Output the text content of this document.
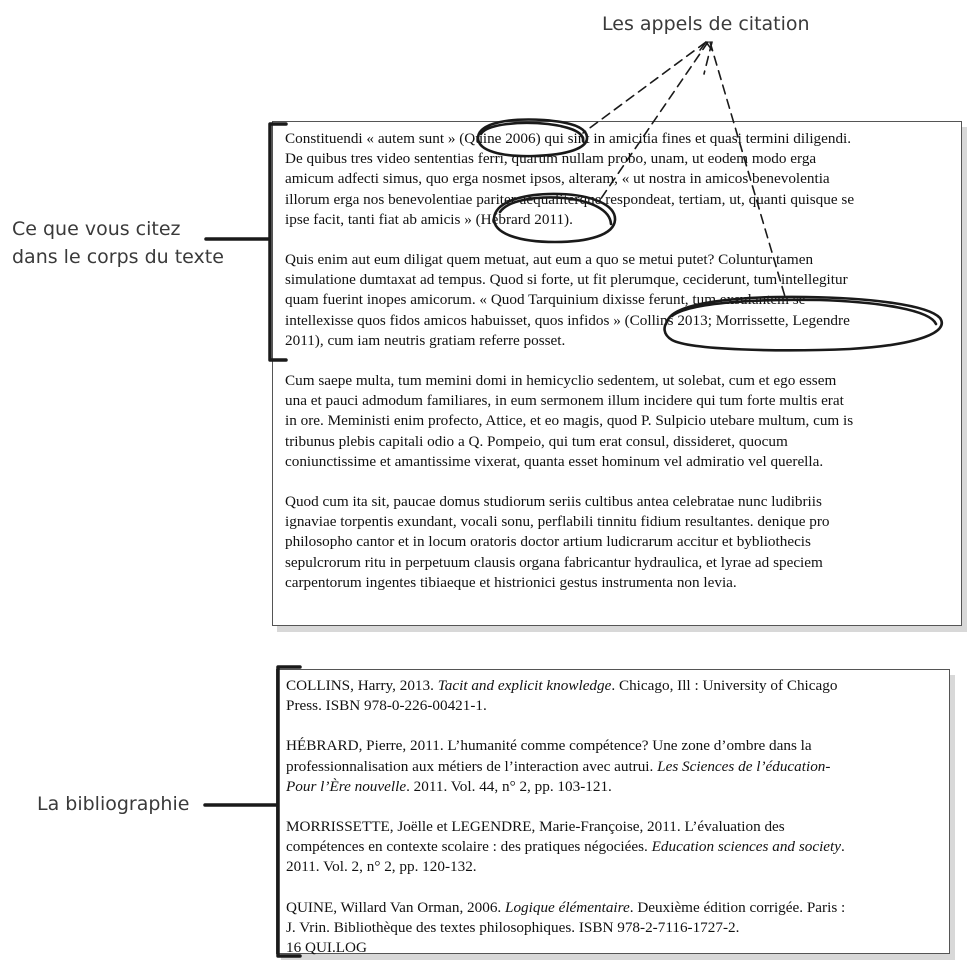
Les appels de citation
Ce que vous citez
dans le corps du texte
La bibliographie
Constituendi « autem sunt » (Quine 2006) qui sint in amicitia fines et quasi termini diligendi.
De quibus tres video sententias ferri, quarum nullam probo, unam, ut eodem modo erga
amicum adfecti simus, quo erga nosmet ipsos, alteram, « ut nostra in amicos benevolentia
illorum erga nos benevolentiae pariter aequaliterque respondeat, tertiam, ut, quanti quisque se
ipse facit, tanti fiat ab amicis » (Hébrard 2011).
Quis enim aut eum diligat quem metuat, aut eum a quo se metui putet? Coluntur tamen
simulatione dumtaxat ad tempus. Quod si forte, ut fit plerumque, ceciderunt, tum intellegitur
quam fuerint inopes amicorum. « Quod Tarquinium dixisse ferunt, tum exsulantem se
intellexisse quos fidos amicos habuisset, quos infidos » (Collins 2013; Morrissette, Legendre
2011), cum iam neutris gratiam referre posset.
Cum saepe multa, tum memini domi in hemicyclio sedentem, ut solebat, cum et ego essem
una et pauci admodum familiares, in eum sermonem illum incidere qui tum forte multis erat
in ore. Meministi enim profecto, Attice, et eo magis, quod P. Sulpicio utebare multum, cum is
tribunus plebis capitali odio a Q. Pompeio, qui tum erat consul, dissideret, quocum
coniunctissime et amantissime vixerat, quanta esset hominum vel admiratio vel querella.
Quod cum ita sit, paucae domus studiorum seriis cultibus antea celebratae nunc ludibriis
ignaviae torpentis exundant, vocali sonu, perflabili tinnitu fidium resultantes. denique pro
philosopho cantor et in locum oratoris doctor artium ludicrarum accitur et bybliothecis
sepulcrorum ritu in perpetuum clausis organa fabricantur hydraulica, et lyrae ad speciem
carpentorum ingentes tibiaeque et histrionici gestus instrumenta non levia.
COLLINS, Harry, 2013. Tacit and explicit knowledge. Chicago, Ill : University of Chicago
Press. ISBN 978-0-226-00421-1.
HÉBRARD, Pierre, 2011. L’humanité comme compétence? Une zone d’ombre dans la
professionnalisation aux métiers de l’interaction avec autrui. Les Sciences de l’éducation-
Pour l’Ère nouvelle. 2011. Vol. 44, n° 2, pp. 103-121.
MORRISSETTE, Joëlle et LEGENDRE, Marie-Françoise, 2011. L’évaluation des
compétences en contexte scolaire : des pratiques négociées. Education sciences and society.
2011. Vol. 2, n° 2, pp. 120-132.
QUINE, Willard Van Orman, 2006. Logique élémentaire. Deuxième édition corrigée. Paris :
J. Vrin. Bibliothèque des textes philosophiques. ISBN 978-2-7116-1727-2.
16 QUI.LOG
